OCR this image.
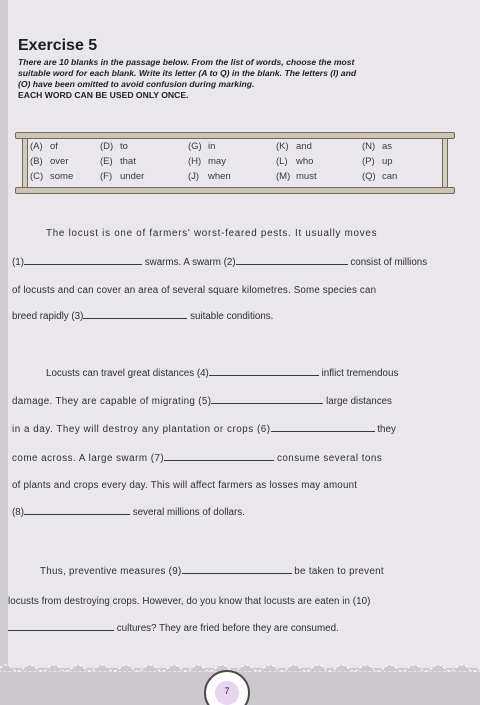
Exercise 5
There are 10 blanks in the passage below. From the list of words, choose the most
suitable word for each blank. Write its letter (A to Q) in the blank. The letters (I) and
(O) have been omitted to avoid confusion during marking.
EACH WORD CAN BE USED ONLY ONCE.
(A) of	(D) to	(G) in	(K) and	(N) as
(B) over	(E) that	(H) may	(L) who	(P) up
(C) some	(F) under	(J) when	(M) must	(Q) can
The locust is one of farmers' worst-feared pests. It usually moves
(1)	swarms. A swarm (2)	consist of millions
of locusts and can cover an area of several square kilometres. Some species can
breed rapidly (3)	suitable conditions.
Locusts can travel great distances (4)	inflict tremendous
damage. They are capable of migrating (5)	large distances
in a day. They will destroy any plantation or crops (6)	they
come across. A large swarm (7)	consume several tons
of plants and crops every day. This will affect farmers as losses may amount
(8)	several millions of dollars.
Thus, preventive measures (9)	be taken to prevent
locusts from destroying crops. However, do you know that locusts are eaten in (10)
cultures? They are fried before they are consumed.
7
